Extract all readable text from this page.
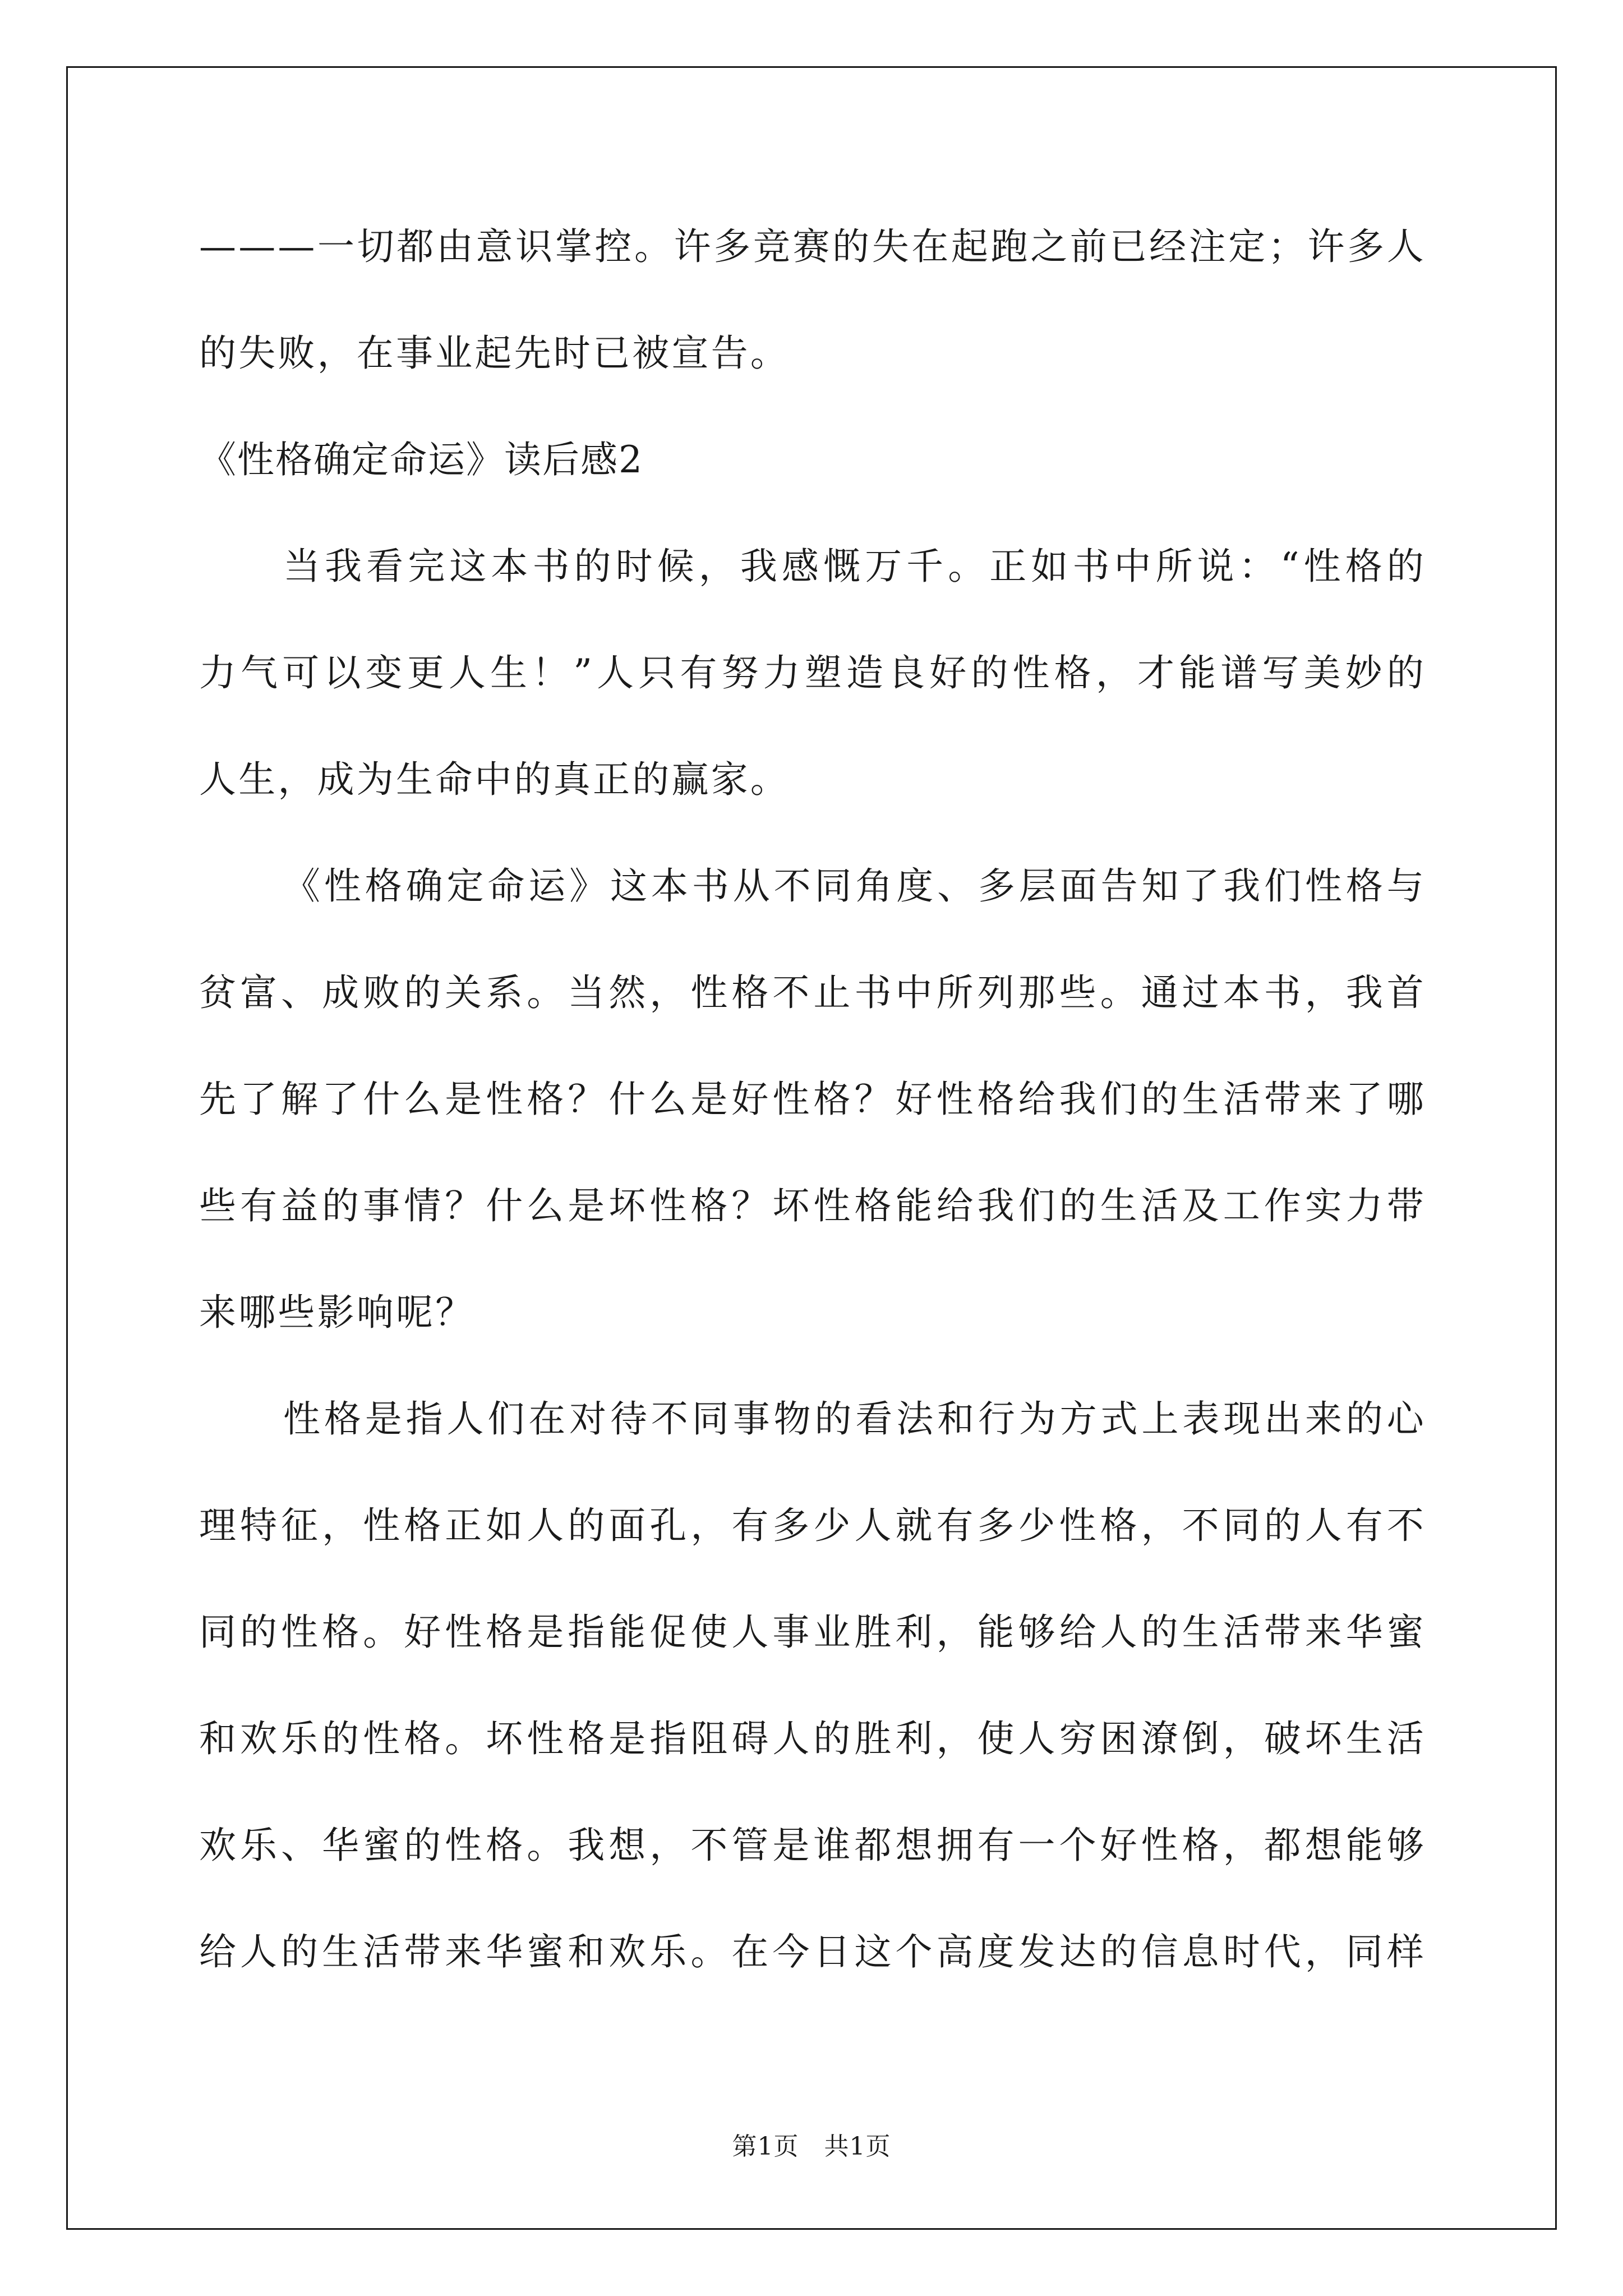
———一切都由意识掌控。许多竞赛的失在起跑之前已经注定；许多人
的失败，在事业起先时已被宣告。
《性格确定命运》读后感2
当我看完这本书的时候，我感慨万千。正如书中所说：“性格的
力气可以变更人生！”人只有努力塑造良好的性格，才能谱写美妙的
人生，成为生命中的真正的赢家。
《性格确定命运》这本书从不同角度、多层面告知了我们性格与
贫富、成败的关系。当然，性格不止书中所列那些。通过本书，我首
先了解了什么是性格？什么是好性格？好性格给我们的生活带来了哪
些有益的事情？什么是坏性格？坏性格能给我们的生活及工作实力带
来哪些影响呢？
性格是指人们在对待不同事物的看法和行为方式上表现出来的心
理特征，性格正如人的面孔，有多少人就有多少性格，不同的人有不
同的性格。好性格是指能促使人事业胜利，能够给人的生活带来华蜜
和欢乐的性格。坏性格是指阻碍人的胜利，使人穷困潦倒，破坏生活
欢乐、华蜜的性格。我想，不管是谁都想拥有一个好性格，都想能够
给人的生活带来华蜜和欢乐。在今日这个高度发达的信息时代，同样
第1页　共1页
